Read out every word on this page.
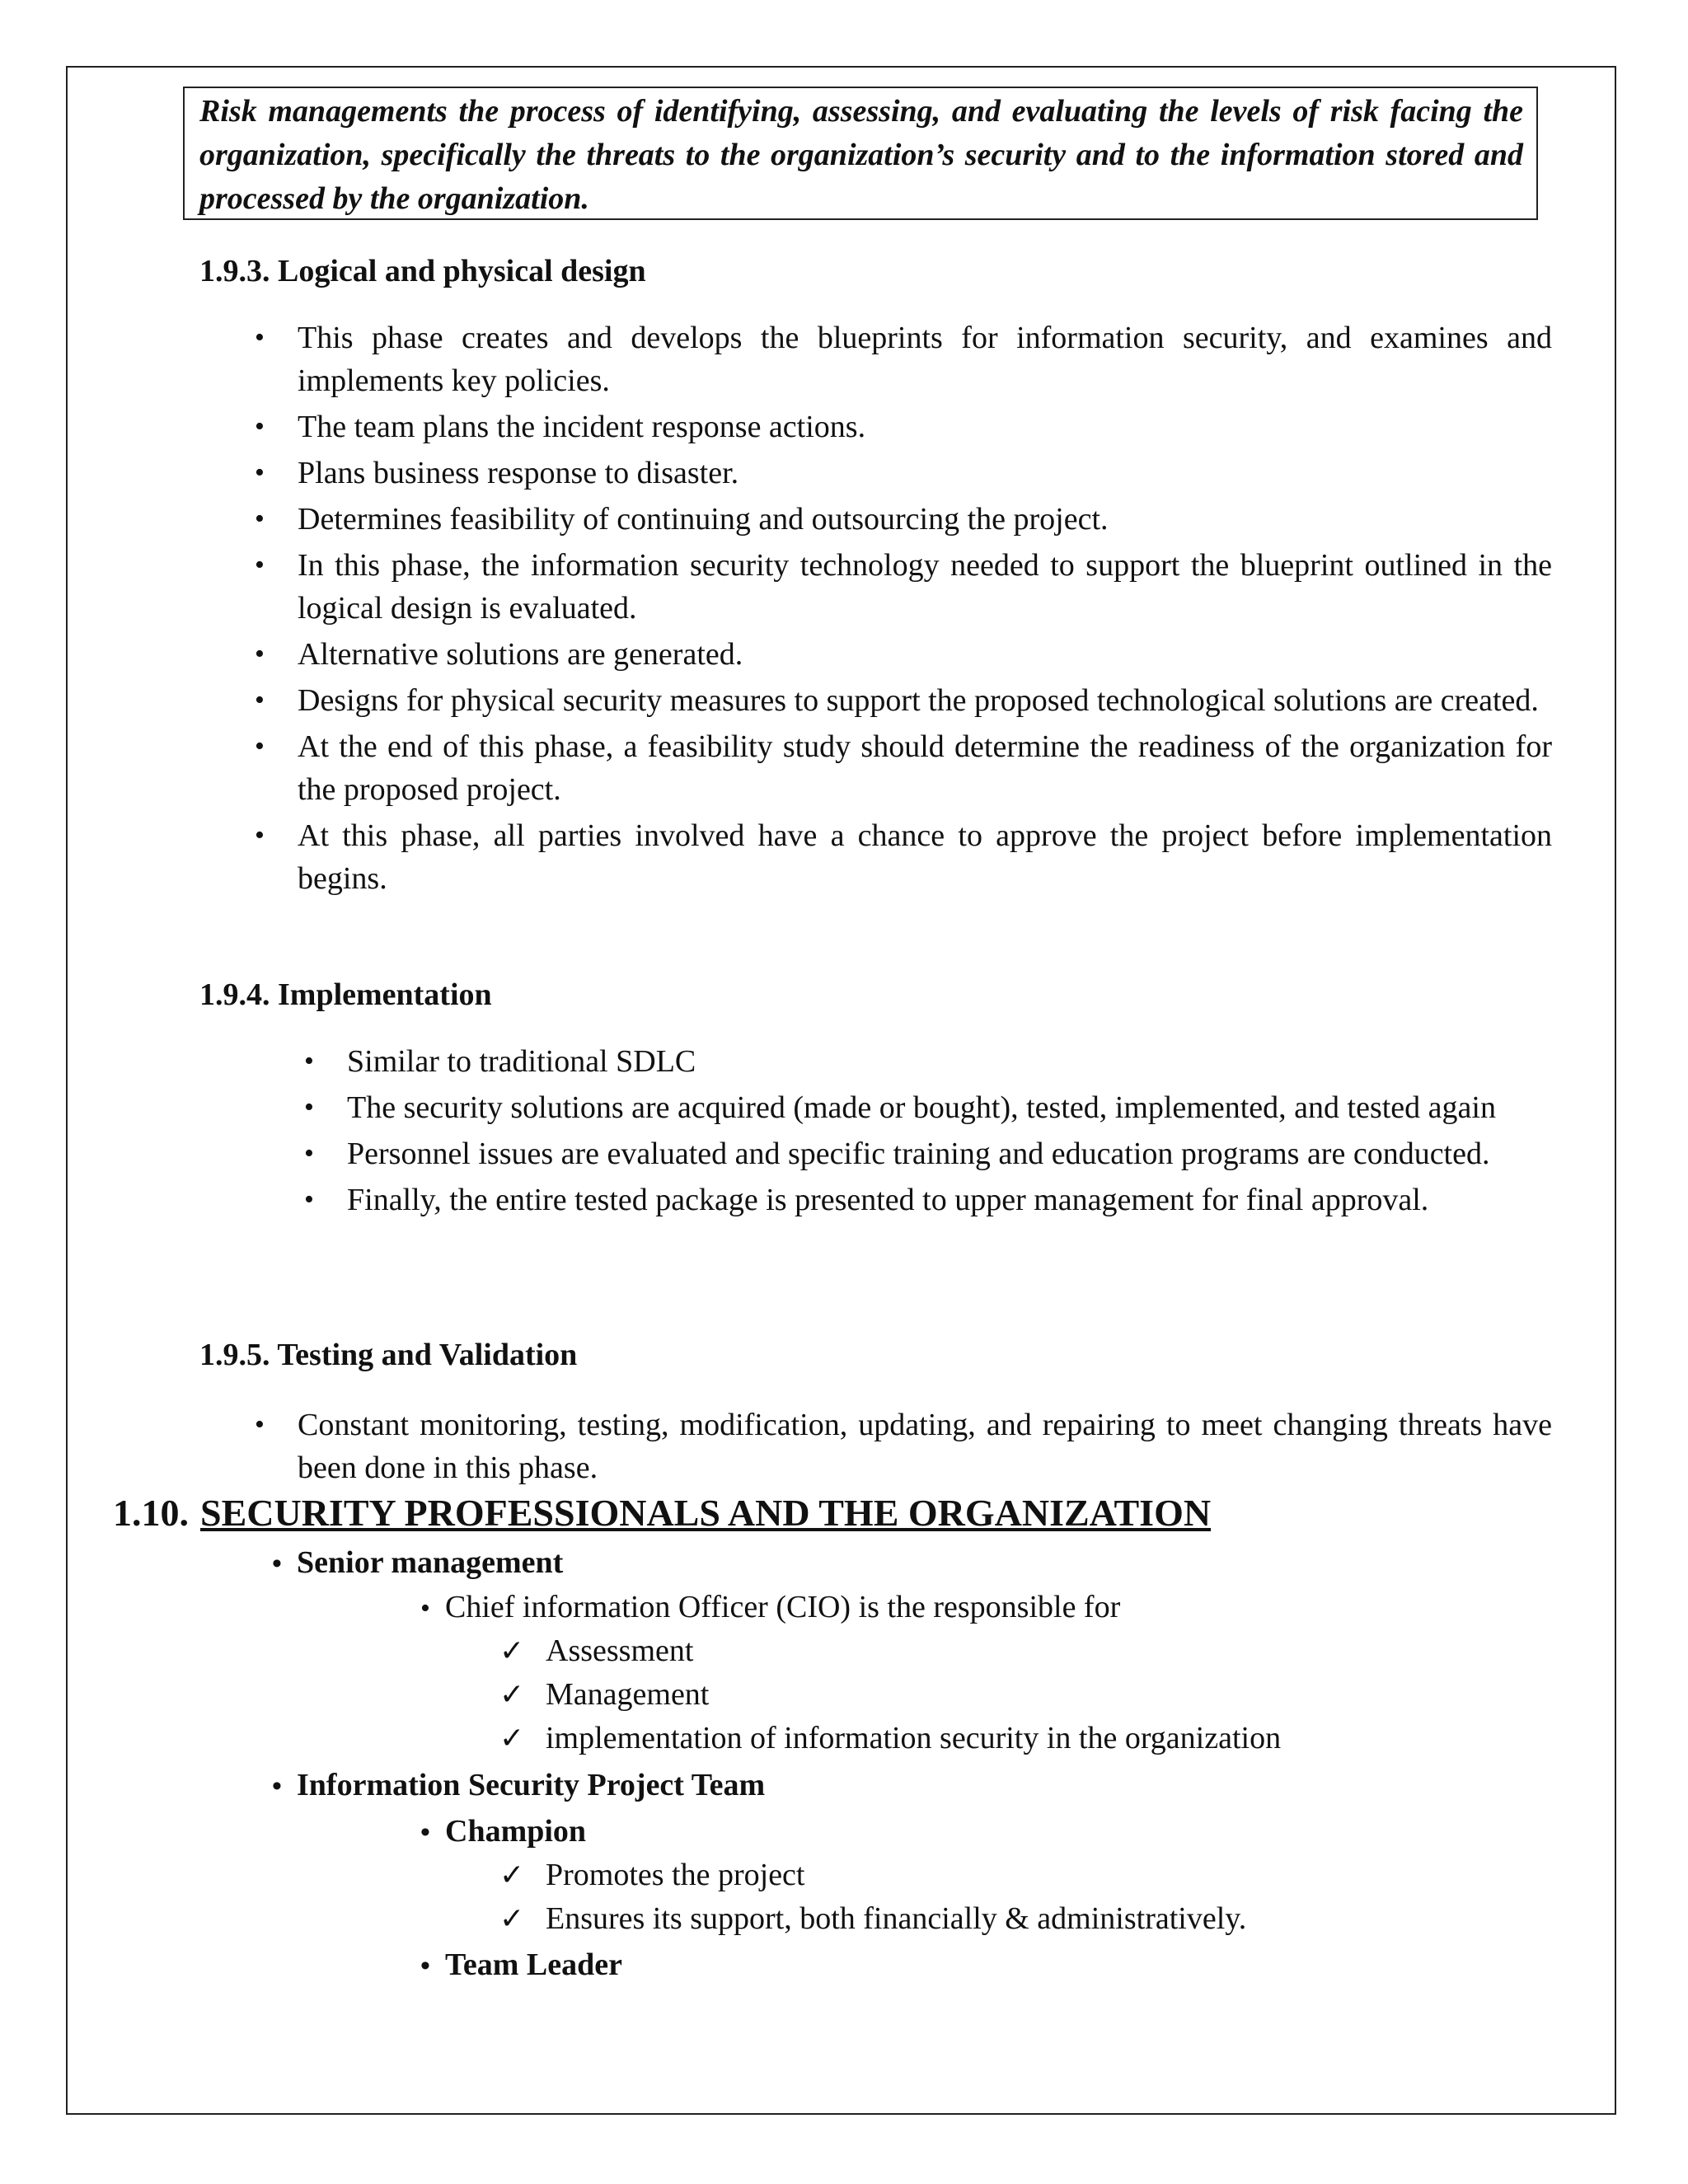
Risk managements the process of identifying, assessing, and evaluating the levels of risk facing the organization, specifically the threats to the organization’s security and to the information stored and processed by the organization.
1.9.3. Logical and physical design
• This phase creates and develops the blueprints for information security, and examines and implements key policies.
• The team plans the incident response actions.
• Plans business response to disaster.
• Determines feasibility of continuing and outsourcing the project.
• In this phase, the information security technology needed to support the blueprint outlined in the logical design is evaluated.
• Alternative solutions are generated.
• Designs for physical security measures to support the proposed technological solutions are created.
• At the end of this phase, a feasibility study should determine the readiness of the organization for the proposed project.
• At this phase, all parties involved have a chance to approve the project before implementation begins.
1.9.4. Implementation
• Similar to traditional SDLC
• The security solutions are acquired (made or bought), tested, implemented, and tested again
• Personnel issues are evaluated and specific training and education programs are conducted.
• Finally, the entire tested package is presented to upper management for final approval.
1.9.5. Testing and Validation
• Constant monitoring, testing, modification, updating, and repairing to meet changing threats have been done in this phase.
1.10. SECURITY PROFESSIONALS AND THE ORGANIZATION
• Senior management
• Chief information Officer (CIO) is the responsible for
✓ Assessment
✓ Management
✓ implementation of information security in the organization
• Information Security Project Team
• Champion
✓ Promotes the project
✓ Ensures its support, both financially & administratively.
• Team Leader
